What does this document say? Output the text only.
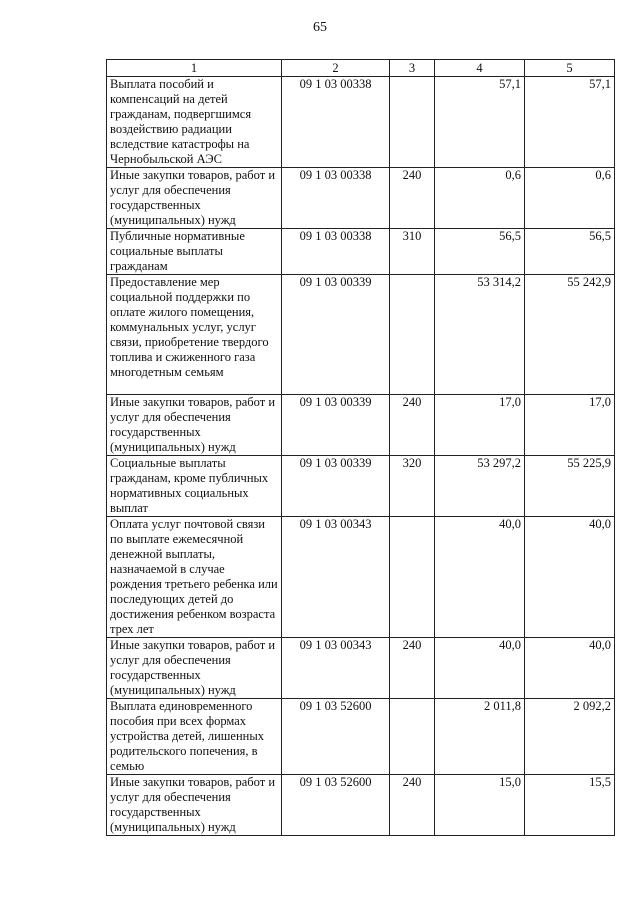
65
1	2	3	4	5
Выплата пособий и компенсаций на детей гражданам, подвергшимся воздействию радиации вследствие катастрофы на Чернобыльской АЭС	09 1 03 00338		57,1	57,1
Иные закупки товаров, работ и услуг для обеспечения государственных (муниципальных) нужд	09 1 03 00338	240	0,6	0,6
Публичные нормативные социальные выплаты гражданам	09 1 03 00338	310	56,5	56,5
Предоставление мер социальной поддержки по оплате жилого помещения, коммунальных услуг, услуг связи, приобретение твердого топлива и сжиженного газа многодетным семьям	09 1 03 00339		53 314,2	55 242,9
Иные закупки товаров, работ и услуг для обеспечения государственных (муниципальных) нужд	09 1 03 00339	240	17,0	17,0
Социальные выплаты гражданам, кроме публичных нормативных социальных выплат	09 1 03 00339	320	53 297,2	55 225,9
Оплата услуг почтовой связи по выплате ежемесячной денежной выплаты, назначаемой в случае рождения третьего ребенка или последующих детей до достижения ребенком возраста трех лет	09 1 03 00343		40,0	40,0
Иные закупки товаров, работ и услуг для обеспечения государственных (муниципальных) нужд	09 1 03 00343	240	40,0	40,0
Выплата единовременного пособия при всех формах устройства детей, лишенных родительского попечения, в семью	09 1 03 52600		2 011,8	2 092,2
Иные закупки товаров, работ и услуг для обеспечения государственных (муниципальных) нужд	09 1 03 52600	240	15,0	15,5
